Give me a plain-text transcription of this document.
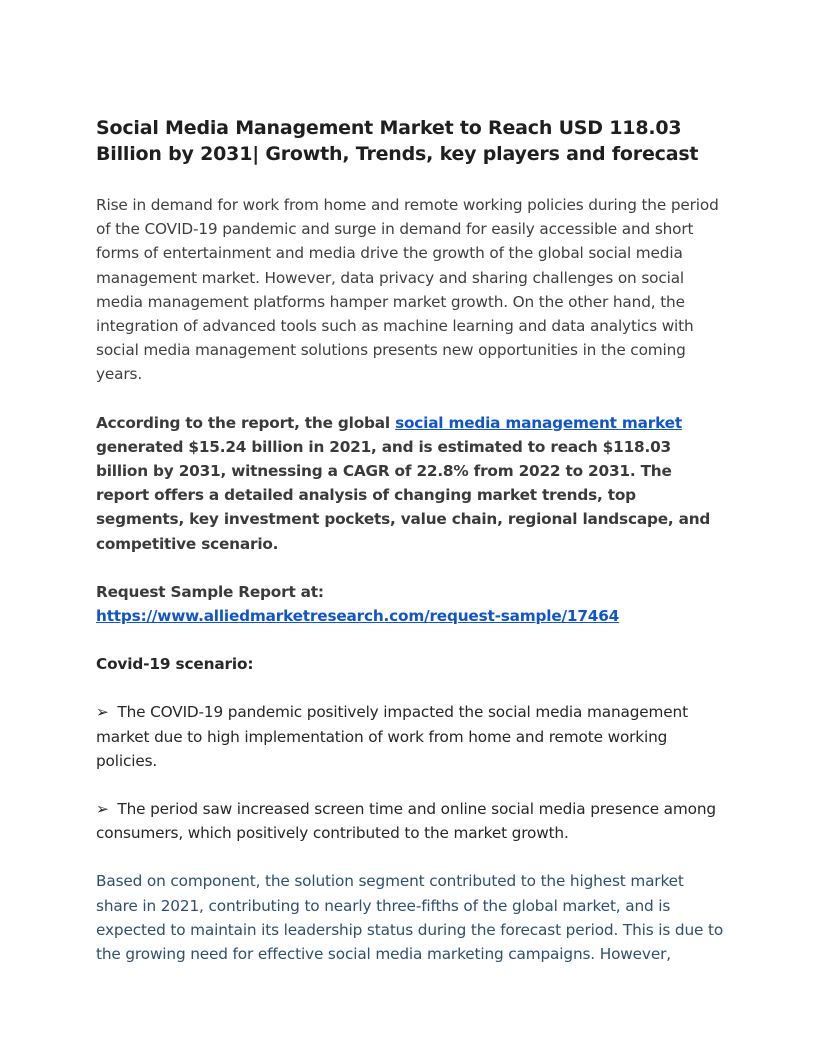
Social Media Management Market to Reach USD 118.03 Billion by 2031| Growth, Trends, key players and forecast

Rise in demand for work from home and remote working policies during the period of the COVID-19 pandemic and surge in demand for easily accessible and short forms of entertainment and media drive the growth of the global social media management market. However, data privacy and sharing challenges on social media management platforms hamper market growth. On the other hand, the integration of advanced tools such as machine learning and data analytics with social media management solutions presents new opportunities in the coming years.

According to the report, the global social media management market generated $15.24 billion in 2021, and is estimated to reach $118.03 billion by 2031, witnessing a CAGR of 22.8% from 2022 to 2031. The report offers a detailed analysis of changing market trends, top segments, key investment pockets, value chain, regional landscape, and competitive scenario.

Request Sample Report at: https://www.alliedmarketresearch.com/request-sample/17464

Covid-19 scenario:

➢ The COVID-19 pandemic positively impacted the social media management market due to high implementation of work from home and remote working policies.

➢ The period saw increased screen time and online social media presence among consumers, which positively contributed to the market growth.

Based on component, the solution segment contributed to the highest market share in 2021, contributing to nearly three-fifths of the global market, and is expected to maintain its leadership status during the forecast period. This is due to the growing need for effective social media marketing campaigns. However,
